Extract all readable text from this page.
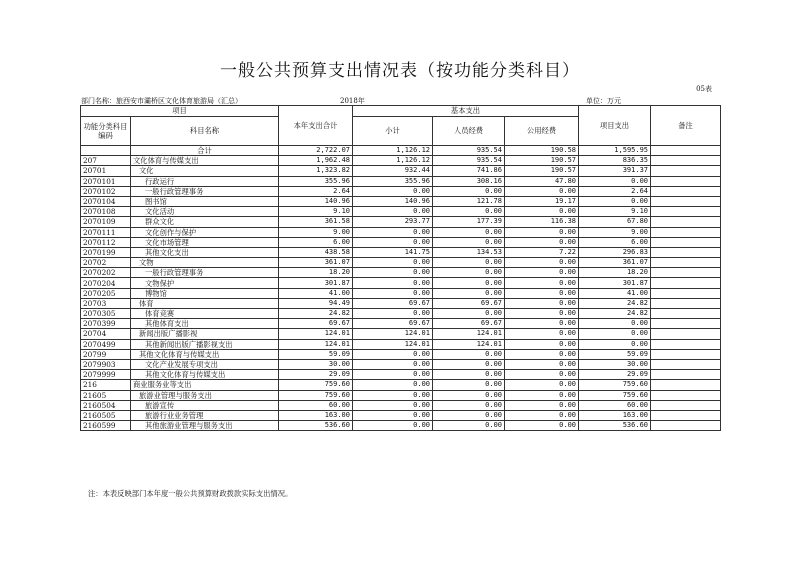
一般公共预算支出情况表（按功能分类科目）
05表
部门名称：旅西安市灞桥区文化体育旅游局（汇总）	2018年	单位：万元
项目		本年支出合计	基本支出			项目支出	备注
功能分类科目编码	科目名称		小计	人员经费	公用经费		

	合计	2,722.07	1,126.12	935.54	190.58	1,595.95	
207	文化体育与传媒支出	1,962.48	1,126.12	935.54	190.57	836.35	
20701	文化	1,323.82	932.44	741.86	190.57	391.37	
2070101	行政运行	355.96	355.96	308.16	47.80	0.00	
2070102	一般行政管理事务	2.64	0.00	0.00	0.00	2.64	
2070104	图书馆	140.96	140.96	121.78	19.17	0.00	
2070108	文化活动	9.10	0.00	0.00	0.00	9.10	
2070109	群众文化	361.58	293.77	177.39	116.38	67.80	
2070111	文化创作与保护	9.00	0.00	0.00	0.00	9.00	
2070112	文化市场管理	6.00	0.00	0.00	0.00	6.00	
2070199	其他文化支出	438.58	141.75	134.53	7.22	296.83	
20702	文物	361.07	0.00	0.00	0.00	361.07	
2070202	一般行政管理事务	18.20	0.00	0.00	0.00	18.20	
2070204	文物保护	301.87	0.00	0.00	0.00	301.87	
2070205	博物馆	41.00	0.00	0.00	0.00	41.00	
20703	体育	94.49	69.67	69.67	0.00	24.82	
2070305	体育竞赛	24.82	0.00	0.00	0.00	24.82	
2070399	其他体育支出	69.67	69.67	69.67	0.00	0.00	
20704	新闻出版广播影视	124.01	124.01	124.01	0.00	0.00	
2070499	其他新闻出版广播影视支出	124.01	124.01	124.01	0.00	0.00	
20799	其他文化体育与传媒支出	59.09	0.00	0.00	0.00	59.09	
2079903	文化产业发展专项支出	30.00	0.00	0.00	0.00	30.00	
2079999	其他文化体育与传媒支出	29.09	0.00	0.00	0.00	29.09	
216	商业服务业等支出	759.60	0.00	0.00	0.00	759.60	
21605	旅游业管理与服务支出	759.60	0.00	0.00	0.00	759.60	
2160504	旅游宣传	60.00	0.00	0.00	0.00	60.00	
2160505	旅游行业业务管理	163.00	0.00	0.00	0.00	163.00	
2160599	其他旅游业管理与服务支出	536.60	0.00	0.00	0.00	536.60	
注：本表反映部门本年度一般公共预算财政拨款实际支出情况。
